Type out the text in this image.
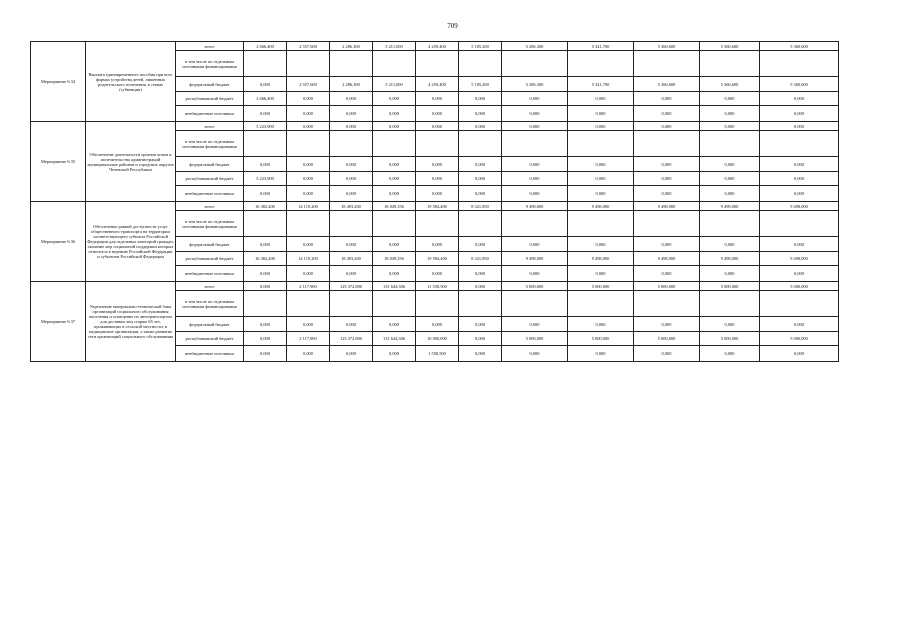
709
Мероприятие 6.34	Выплата единовременного пособия при всех формах устройства детей, лишенных родительского попечения, в семью (субвенции)	всего	2 666,400	2 557,600	2 286,300	5 211,000	4 259,400	5 185,200	5 286,300	5 341,700	5 360,600	5 360,600	5 360,600
		в том числе по отдельным источникам финансирования											
		федеральный бюджет	0,000	2 557,600	2 286,300	5 211,000	4 259,400	5 185,200	5 286,300	5 341,700	5 360,600	5 360,600	5 360,600
		республиканский бюджет	2 666,400	0,000	0,000	0,000	0,000	0,000	0,000	0,000	0,000	0,000	0,000
		внебюджетные источники	0,000	0,000	0,000	0,000	0,000	0,000	0,000	0,000	0,000	0,000	0,000
Мероприятие 6.35	Обеспечение деятельности органов опеки и попечительства администраций муниципальных районов и городских округов Чеченской Республики	всего	5 223,900	0,000	0,000	0,000	0,000	0,000	0,000	0,000	0,000	0,000	0,000
		в том числе по отдельным источникам финансирования											
		федеральный бюджет	0,000	0,000	0,000	0,000	0,000	0,000	0,000	0,000	0,000	0,000	0,000
		республиканский бюджет	5 223,900	0,000	0,000	0,000	0,000	0,000	0,000	0,000	0,000	0,000	0,000
		внебюджетные источники	0,000	0,000	0,000	0,000	0,000	0,000	0,000	0,000	0,000	0,000	0,000
Мероприятие 6.36	Обеспечение равной доступности услуг общественного транспорта на территории соответствующего субъекта Российской Федерации для отдельных категорий граждан, оказание мер социальной поддержки которых относится к ведению Российской Федерации и субъектов Российской Федерации	всего	16 382,400	14 119,200	18 493,200	18 049,356	19 584,400	8 321,850	9 498,000	9 498,000	9 498,000	9 498,000	9 498,000
		в том числе по отдельным источникам финансирования											
		федеральный бюджет	0,000	0,000	0,000	0,000	0,000	0,000	0,000	0,000	0,000	0,000	0,000
		республиканский бюджет	16 382,400	14 119,200	18 493,200	18 049,356	19 584,400	8 321,850	9 498,000	9 498,000	9 498,000	9 498,000	9 498,000
		внебюджетные источники	0,000	0,000	0,000	0,000	0,000	0,000	0,000	0,000	0,000	0,000	0,000
Мероприятие 6.37	Укрепление материально-технической базы организаций социального обслуживания населения и оснащение их автотранспортом для доставки лиц старше 65 лет, проживающих в сельской местности, в медицинские организации, а также развитие сети организаций социального обслуживания	всего	0,000	2 117,900	125 372,800	131 644,306	11 558,500	0,000	5 000,000	5 000,000	5 000,000	5 000,000	5 000,000
		в том числе по отдельным источникам финансирования											
		федеральный бюджет	0,000	0,000	0,000	0,000	0,000	0,000	0,000	0,000	0,000	0,000	0,000
		республиканский бюджет	0,000	2 117,900	125 372,800	131 644,306	10 000,000	0,000	5 000,000	5 000,000	5 000,000	5 000,000	5 000,000
		внебюджетные источники	0,000	0,000	0,000	0,000	1 558,500	0,000	0,000	0,000	0,000	0,000	0,000
